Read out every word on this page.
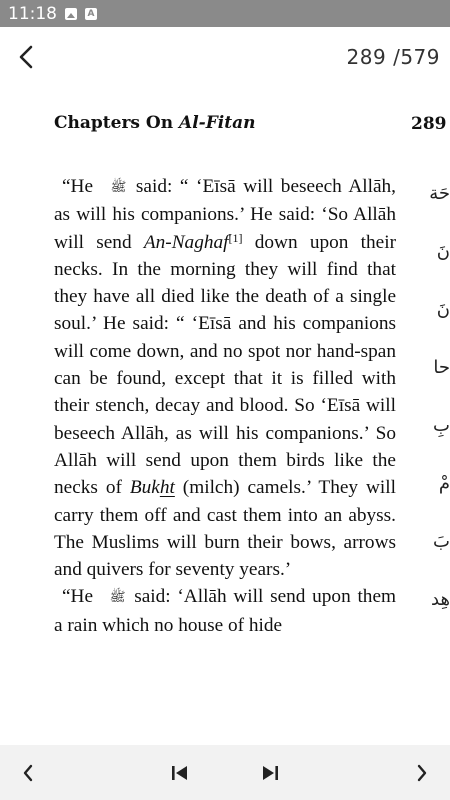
11:18	A
289 /579
Chapters On Al-Fitan	289

“He ﷺ said: “ ‘Eīsā will beseech Allāh, as will his companions.’ He said: ‘So Allāh will send An-Naghaf[1] down upon their necks. In the morning they will find that they have all died like the death of a single soul.’ He said: “ ‘Eīsā and his companions will come down, and no spot nor hand-span can be found, except that it is filled with their stench, decay and blood. So ‘Eīsā will beseech Allāh, as will his companions.’ So Allāh will send upon them birds like the necks of Bukht (milch) camels.’ They will carry them off and cast them into an abyss. The Muslims will burn their bows, arrows and quivers for seventy years.’

“He ﷺ said: ‘Allāh will send upon them a rain which no house of hide

حَة
نَ
نَ
حا
بِ
مْ
بَ
هِد
